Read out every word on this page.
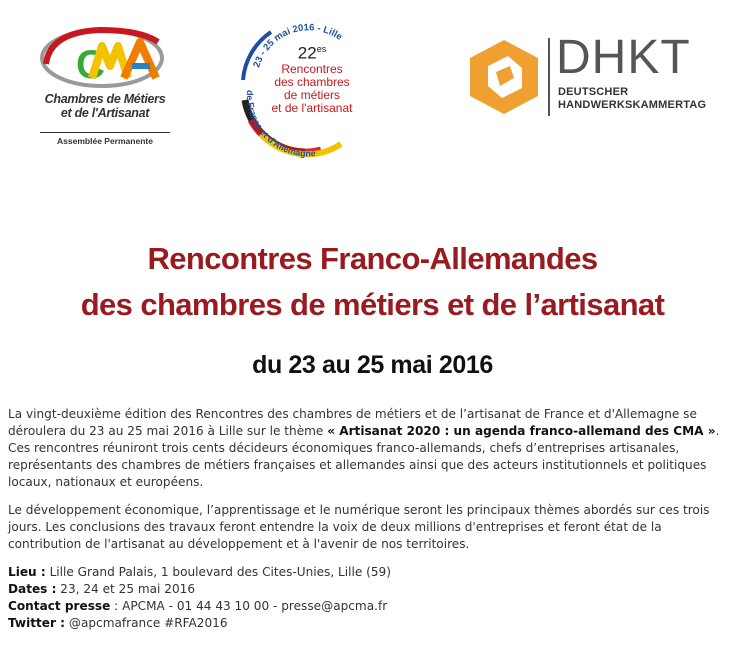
C
Chambres de Métiers
et de l'Artisanat
Assemblée Permanente
23 - 25 mai 2016 - Lille
de France et d'Allemagne
$22^{es}$
Rencontres
des chambres
de métiers
et de l'artisanat
DHKT
DEUTSCHER
HANDWERKSKAMMERTAG
Rencontres Franco-Allemandes
des chambres de métiers et de l’artisanat
du 23 au 25 mai 2016

La vingt-deuxième édition des Rencontres des chambres de métiers et de l’artisanat de France et d'Allemagne se déroulera du 23 au 25 mai 2016 à Lille sur le thème « Artisanat 2020 : un agenda franco-allemand des CMA ». Ces rencontres réuniront trois cents décideurs économiques franco-allemands, chefs d’entreprises artisanales, représentants des chambres de métiers françaises et allemandes ainsi que des acteurs institutionnels et politiques locaux, nationaux et européens.

Le développement économique, l’apprentissage et le numérique seront les principaux thèmes abordés sur ces trois jours. Les conclusions des travaux feront entendre la voix de deux millions d'entreprises et feront état de la contribution de l'artisanat au développement et à l'avenir de nos territoires.

Lieu : Lille Grand Palais, 1 boulevard des Cites-Unies, Lille (59)
Dates : 23, 24 et 25 mai 2016
Contact presse : APCMA - 01 44 43 10 00 - presse@apcma.fr
Twitter : @apcmafrance #RFA2016
